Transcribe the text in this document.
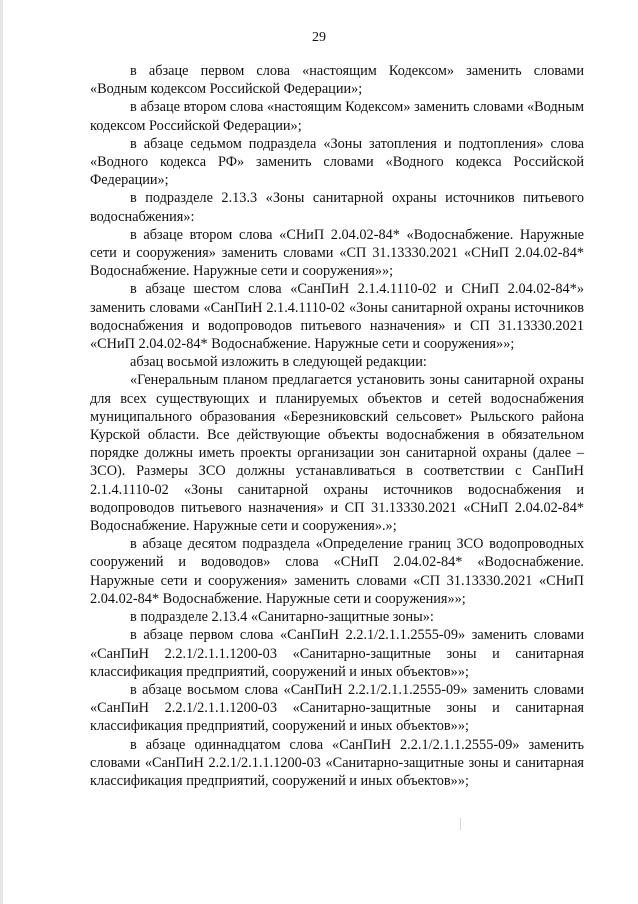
29

в абзаце первом слова «настоящим Кодексом» заменить словами «Водным кодексом Российской Федерации»;

в абзаце втором слова «настоящим Кодексом» заменить словами «Водным кодексом Российской Федерации»;

в абзаце седьмом подраздела «Зоны затопления и подтопления» слова «Водного кодекса РФ» заменить словами «Водного кодекса Российской Федерации»;

в подразделе 2.13.3 «Зоны санитарной охраны источников питьевого водоснабжения»:

в абзаце втором слова «СНиП 2.04.02-84* «Водоснабжение. Наружные сети и сооружения» заменить словами «СП 31.13330.2021 «СНиП 2.04.02-84* Водоснабжение. Наружные сети и сооружения»»;

в абзаце шестом слова «СанПиН 2.1.4.1110-02 и СНиП 2.04.02-84*» заменить словами «СанПиН 2.1.4.1110-02 «Зоны санитарной охраны источников водоснабжения и водопроводов питьевого назначения» и СП 31.13330.2021 «СНиП 2.04.02-84* Водоснабжение. Наружные сети и сооружения»»;

абзац восьмой изложить в следующей редакции:

«Генеральным планом предлагается установить зоны санитарной охраны для всех существующих и планируемых объектов и сетей водоснабжения муниципального образования «Березниковский сельсовет» Рыльского района Курской области. Все действующие объекты водоснабжения в обязательном порядке должны иметь проекты организации зон санитарной охраны (далее – ЗСО). Размеры ЗСО должны устанавливаться в соответствии с СанПиН 2.1.4.1110-02 «Зоны санитарной охраны источников водоснабжения и водопроводов питьевого назначения» и СП 31.13330.2021 «СНиП 2.04.02-84* Водоснабжение. Наружные сети и сооружения».»;

в абзаце десятом подраздела «Определение границ ЗСО водопроводных сооружений и водоводов» слова «СНиП 2.04.02-84* «Водоснабжение. Наружные сети и сооружения» заменить словами «СП 31.13330.2021 «СНиП 2.04.02-84* Водоснабжение. Наружные сети и сооружения»»;

в подразделе 2.13.4 «Санитарно-защитные зоны»:

в абзаце первом слова «СанПиН 2.2.1/2.1.1.2555-09» заменить словами «СанПиН 2.2.1/2.1.1.1200-03 «Санитарно-защитные зоны и санитарная классификация предприятий, сооружений и иных объектов»»;

в абзаце восьмом слова «СанПиН 2.2.1/2.1.1.2555-09» заменить словами «СанПиН 2.2.1/2.1.1.1200-03 «Санитарно-защитные зоны и санитарная классификация предприятий, сооружений и иных объектов»»;

в абзаце одиннадцатом слова «СанПиН 2.2.1/2.1.1.2555-09» заменить словами «СанПиН 2.2.1/2.1.1.1200-03 «Санитарно-защитные зоны и санитарная классификация предприятий, сооружений и иных объектов»»;
